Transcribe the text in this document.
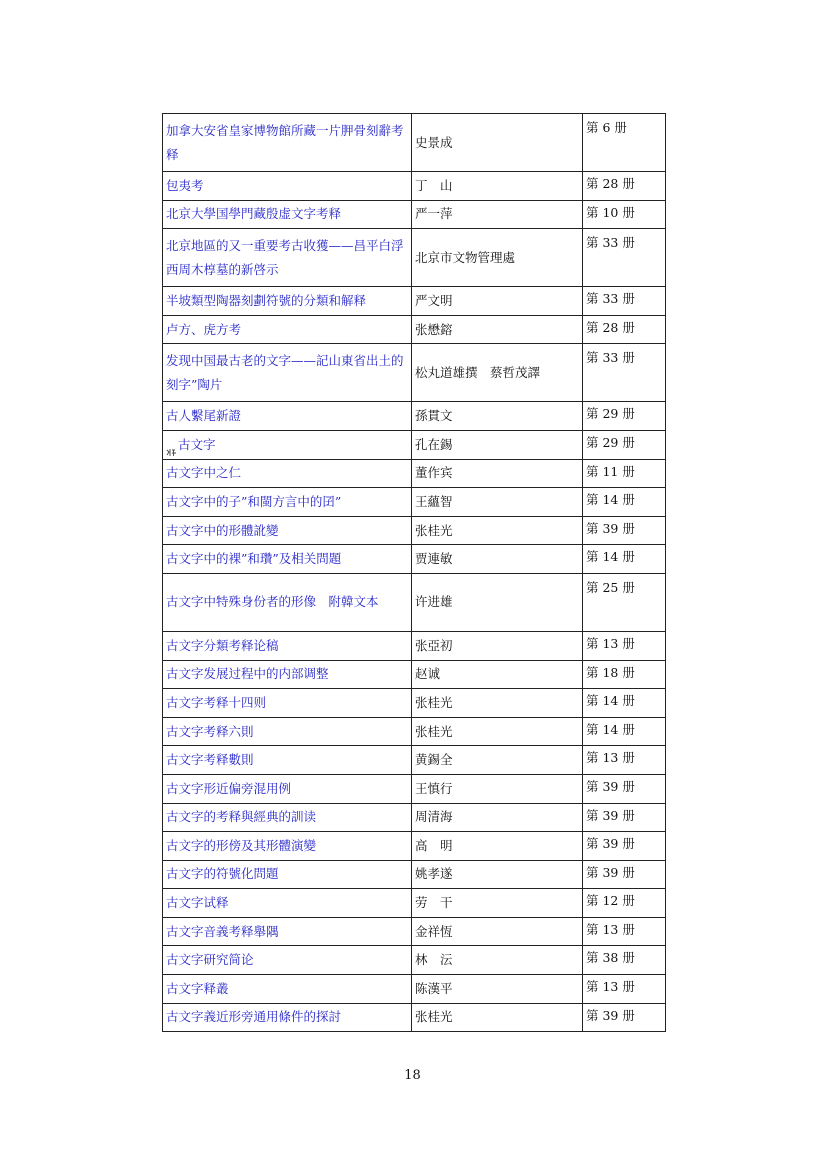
加拿大安省皇家博物館所藏一片胛骨刻辭考释	史景成	第 6 册
包夷考	丁　山	第 28 册
北京大學国學門藏殷虚文字考释	严一萍	第 10 册
北京地區的又一重要考古收獲——昌平白浮西周木椁墓的新啓示	北京市文物管理處	第 33 册
半坡類型陶器刻劃符號的分類和解释	严文明	第 33 册
卢方、虎方考	张懋鎔	第 28 册
发现中国最古老的文字——記山東省出土的刻字”陶片	松丸道雄撰　蔡哲茂譯	第 33 册
古人繫尾新證	孫貫文	第 29 册
古文字	孔在錫	第 29 册
古文字中之仁	董作宾	第 11 册
古文字中的子”和閩方言中的囝”	王蘊智	第 14 册
古文字中的形體訛變	张桂光	第 39 册
古文字中的裸”和瓚”及相关問題	贾連敏	第 14 册
古文字中特殊身份者的形像　附韓文本	许进雄	第 25 册
古文字分類考释论稿	张亞初	第 13 册
古文字发展过程中的内部调整	赵诚	第 18 册
古文字考释十四则	张桂光	第 14 册
古文字考释六則	张桂光	第 14 册
古文字考释數則	黄錫全	第 13 册
古文字形近偏旁混用例	王慎行	第 39 册
古文字的考释與經典的訓读	周清海	第 39 册
古文字的形傍及其形體演變	高　明	第 39 册
古文字的符號化問題	姚孝遂	第 39 册
古文字试释	劳　干	第 12 册
古文字音義考释舉隅	金祥恆	第 13 册
古文字研究简论	林　沄	第 38 册
古文字释叢	陈漢平	第 13 册
古文字義近形旁通用條件的探討	张桂光	第 39 册
18
